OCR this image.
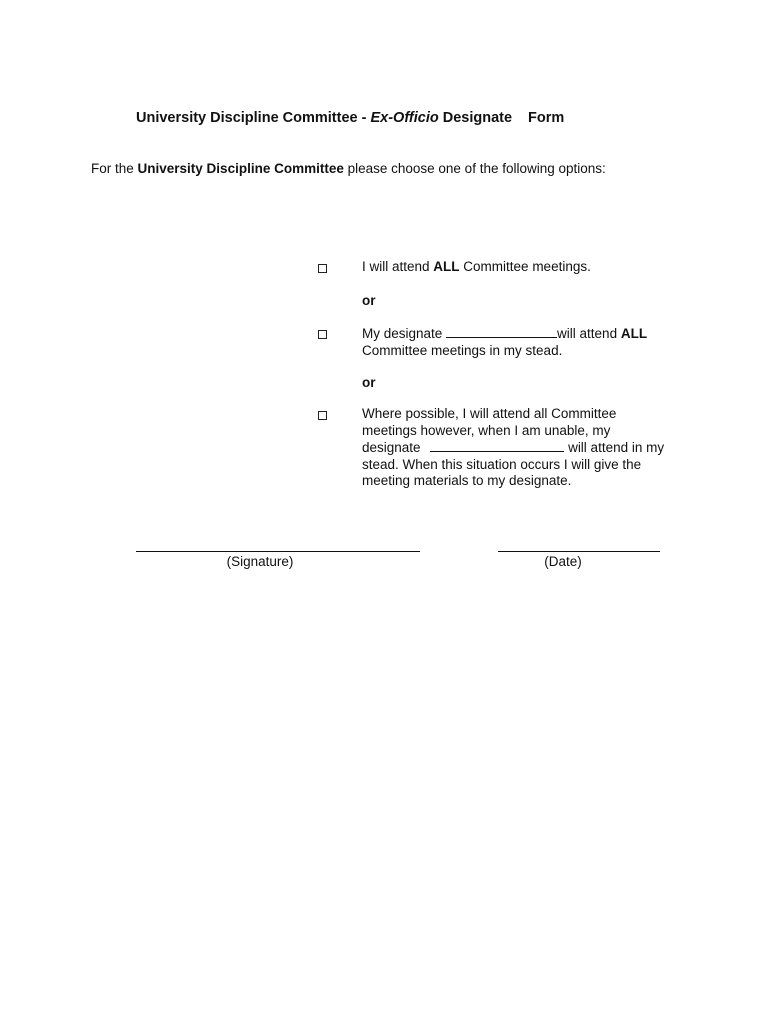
University Discipline Committee - Ex-Officio Designate Form
For the University Discipline Committee please choose one of the following options:
I will attend ALL Committee meetings.
or
My designate	will attend ALL
Committee meetings in my stead.
or
Where possible, I will attend all Committee
meetings however, when I am unable, my
designate	will attend in my
stead. When this situation occurs I will give the
meeting materials to my designate.
(Signature)	(Date)
